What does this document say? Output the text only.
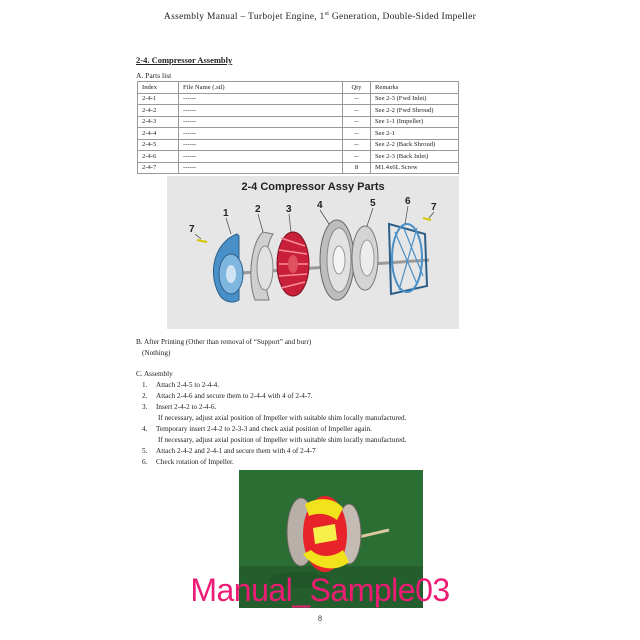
Assembly Manual – Turbojet Engine, 1st Generation, Double-Sided Impeller
2-4. Compressor Assembly
A. Parts list
Index	File Name (.stl)	Qty	Remarks
2-4-1	------	--	See 2-3 (Fwd Inlet)
2-4-2	------	--	See 2-2 (Fwd Shroud)
2-4-3	------	--	See 1-1 (Impeller)
2-4-4	------	--	See 2-1
2-4-5	------	--	See 2-2 (Back Shroud)
2-4-6	------	--	See 2-3 (Back Inlet)
2-4-7	------	8	M1.4x6L Screw
2-4 Compressor Assy Parts
7
1	2	3	4	5	6
7
B. After Printing (Other than removal of “Support” and burr)
(Nothing)
C. Assembly
1. Attach 2-4-5 to 2-4-4.
2. Attach 2-4-6 and secure them to 2-4-4 with 4 of 2-4-7.
3. Insert 2-4-2 to 2-4-6.
If necessary, adjust axial position of Impeller with suitable shim locally manufactured.
4. Temporary insert 2-4-2 to 2-3-3 and check axial position of Impeller again.
If necessary, adjust axial position of Impeller with suitable shim locally manufactured.
5. Attach 2-4-2 and 2-4-1 and secure them with 4 of 2-4-7
6. Check rotation of Impeller.
Manual_Sample03
8
